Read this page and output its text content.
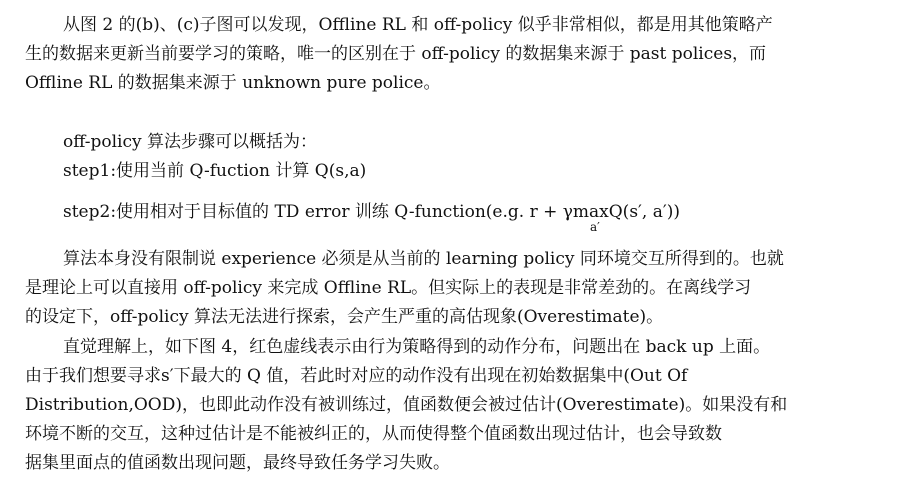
从图 2 的(b)、(c)子图可以发现，Offline RL 和 off-policy 似乎非常相似，都是用其他策略产
生的数据来更新当前要学习的策略，唯一的区别在于 off-policy 的数据集来源于 past polices，而
Offline RL 的数据集来源于 unknown pure police。
off-policy 算法步骤可以概括为：
step1:使用当前 Q-fuction 计算 Q(s,a)
step2:使用相对于目标值的 TD error 训练 Q-function(e.g. r + γmaxQ(s′, a′))
a′
算法本身没有限制说 experience 必须是从当前的 learning policy 同环境交互所得到的。也就
是理论上可以直接用 off-policy 来完成 Offline RL。但实际上的表现是非常差劲的。在离线学习
的设定下，off-policy 算法无法进行探索，会产生严重的高估现象(Overestimate)。
直觉理解上，如下图 4，红色虚线表示由行为策略得到的动作分布，问题出在 back up 上面。
由于我们想要寻求s′下最大的 Q 值，若此时对应的动作没有出现在初始数据集中(Out Of
Distribution,OOD)，也即此动作没有被训练过，值函数便会被过估计(Overestimate)。如果没有和
环境不断的交互，这种过估计是不能被纠正的，从而使得整个值函数出现过估计，也会导致数
据集里面点的值函数出现问题，最终导致任务学习失败。
